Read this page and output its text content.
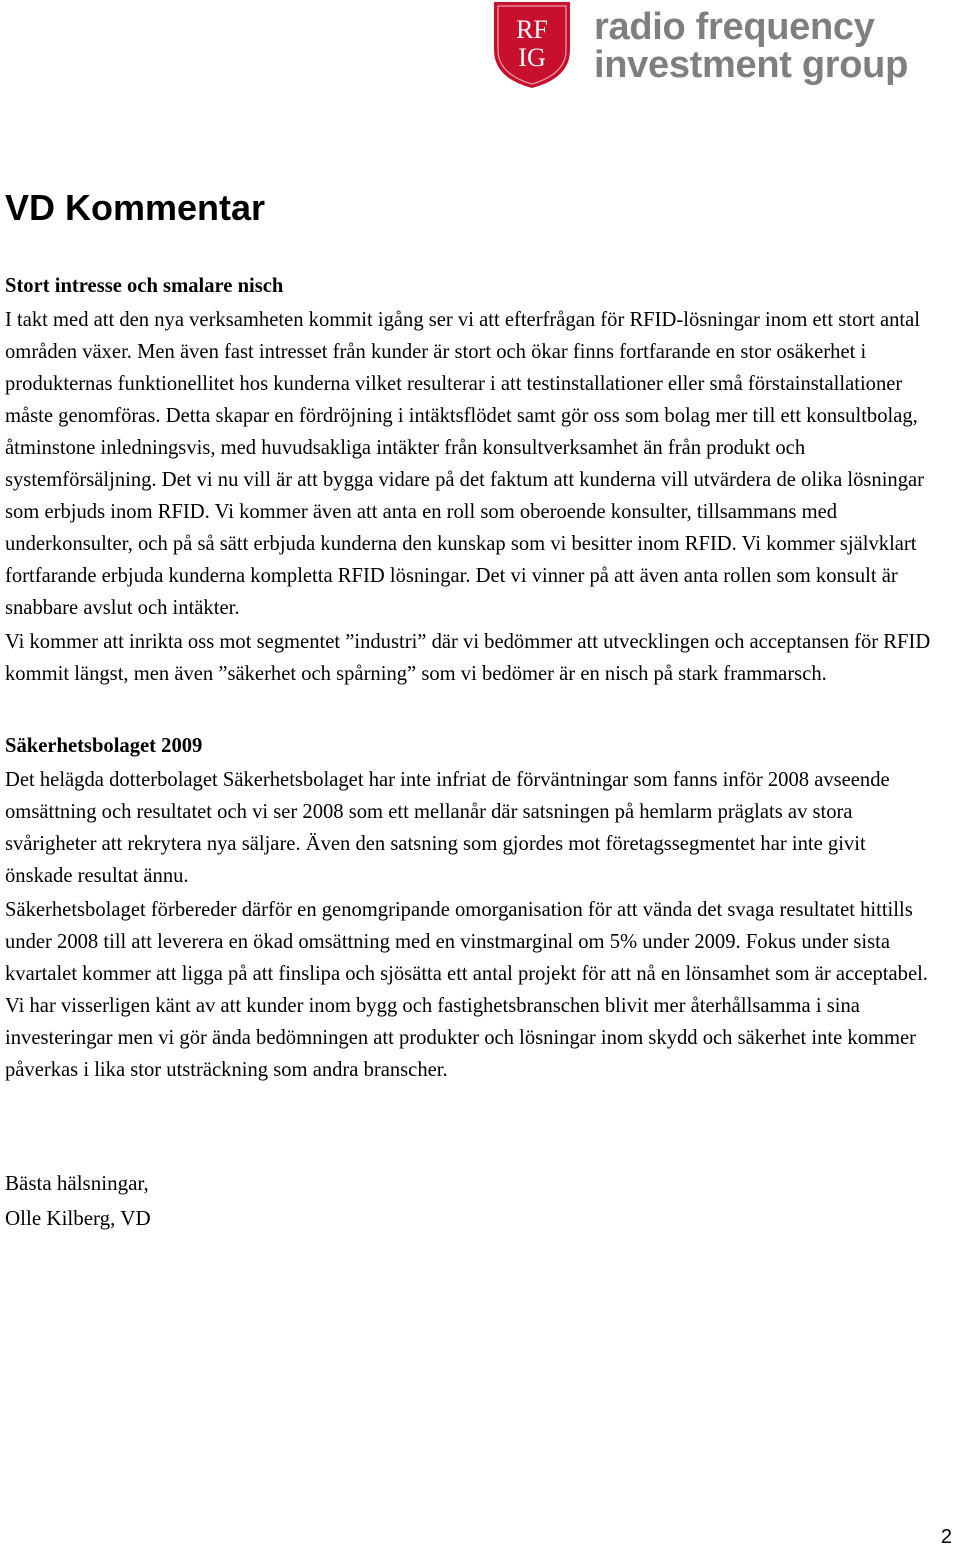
RF
IG
radio frequency
investment group
VD Kommentar

Stort intresse och smalare nisch

I takt med att den nya verksamheten kommit igång ser vi att efterfrågan för RFID-lösningar inom ett stort antal områden växer. Men även fast intresset från kunder är stort och ökar finns fortfarande en stor osäkerhet i produkternas funktionellitet hos kunderna vilket resulterar i att testinstallationer eller små förstainstallationer måste genomföras. Detta skapar en fördröjning i intäktsflödet samt gör oss som bolag mer till ett konsultbolag, åtminstone inledningsvis, med huvudsakliga intäkter från konsultverksamhet än från produkt och systemförsäljning. Det vi nu vill är att bygga vidare på det faktum att kunderna vill utvärdera de olika lösningar som erbjuds inom RFID. Vi kommer även att anta en roll som oberoende konsulter, tillsammans med underkonsulter, och på så sätt erbjuda kunderna den kunskap som vi besitter inom RFID. Vi kommer självklart fortfarande erbjuda kunderna kompletta RFID lösningar. Det vi vinner på att även anta rollen som konsult är snabbare avslut och intäkter.

Vi kommer att inrikta oss mot segmentet ”industri” där vi bedömmer att utvecklingen och acceptansen för RFID kommit längst, men även ”säkerhet och spårning” som vi bedömer är en nisch på stark frammarsch.

Säkerhetsbolaget 2009

Det helägda dotterbolaget Säkerhetsbolaget har inte infriat de förväntningar som fanns inför 2008 avseende omsättning och resultatet och vi ser 2008 som ett mellanår där satsningen på hemlarm präglats av stora svårigheter att rekrytera nya säljare. Även den satsning som gjordes mot företagssegmentet har inte givit önskade resultat ännu.

Säkerhetsbolaget förbereder därför en genomgripande omorganisation för att vända det svaga resultatet hittills under 2008 till att leverera en ökad omsättning med en vinstmarginal om 5% under 2009. Fokus under sista kvartalet kommer att ligga på att finslipa och sjösätta ett antal projekt för att nå en lönsamhet som är acceptabel. Vi har visserligen känt av att kunder inom bygg och fastighetsbranschen blivit mer återhållsamma i sina investeringar men vi gör ända bedömningen att produkter och lösningar inom skydd och säkerhet inte kommer påverkas i lika stor utsträckning som andra branscher.

Bästa hälsningar,
Olle Kilberg, VD
2
